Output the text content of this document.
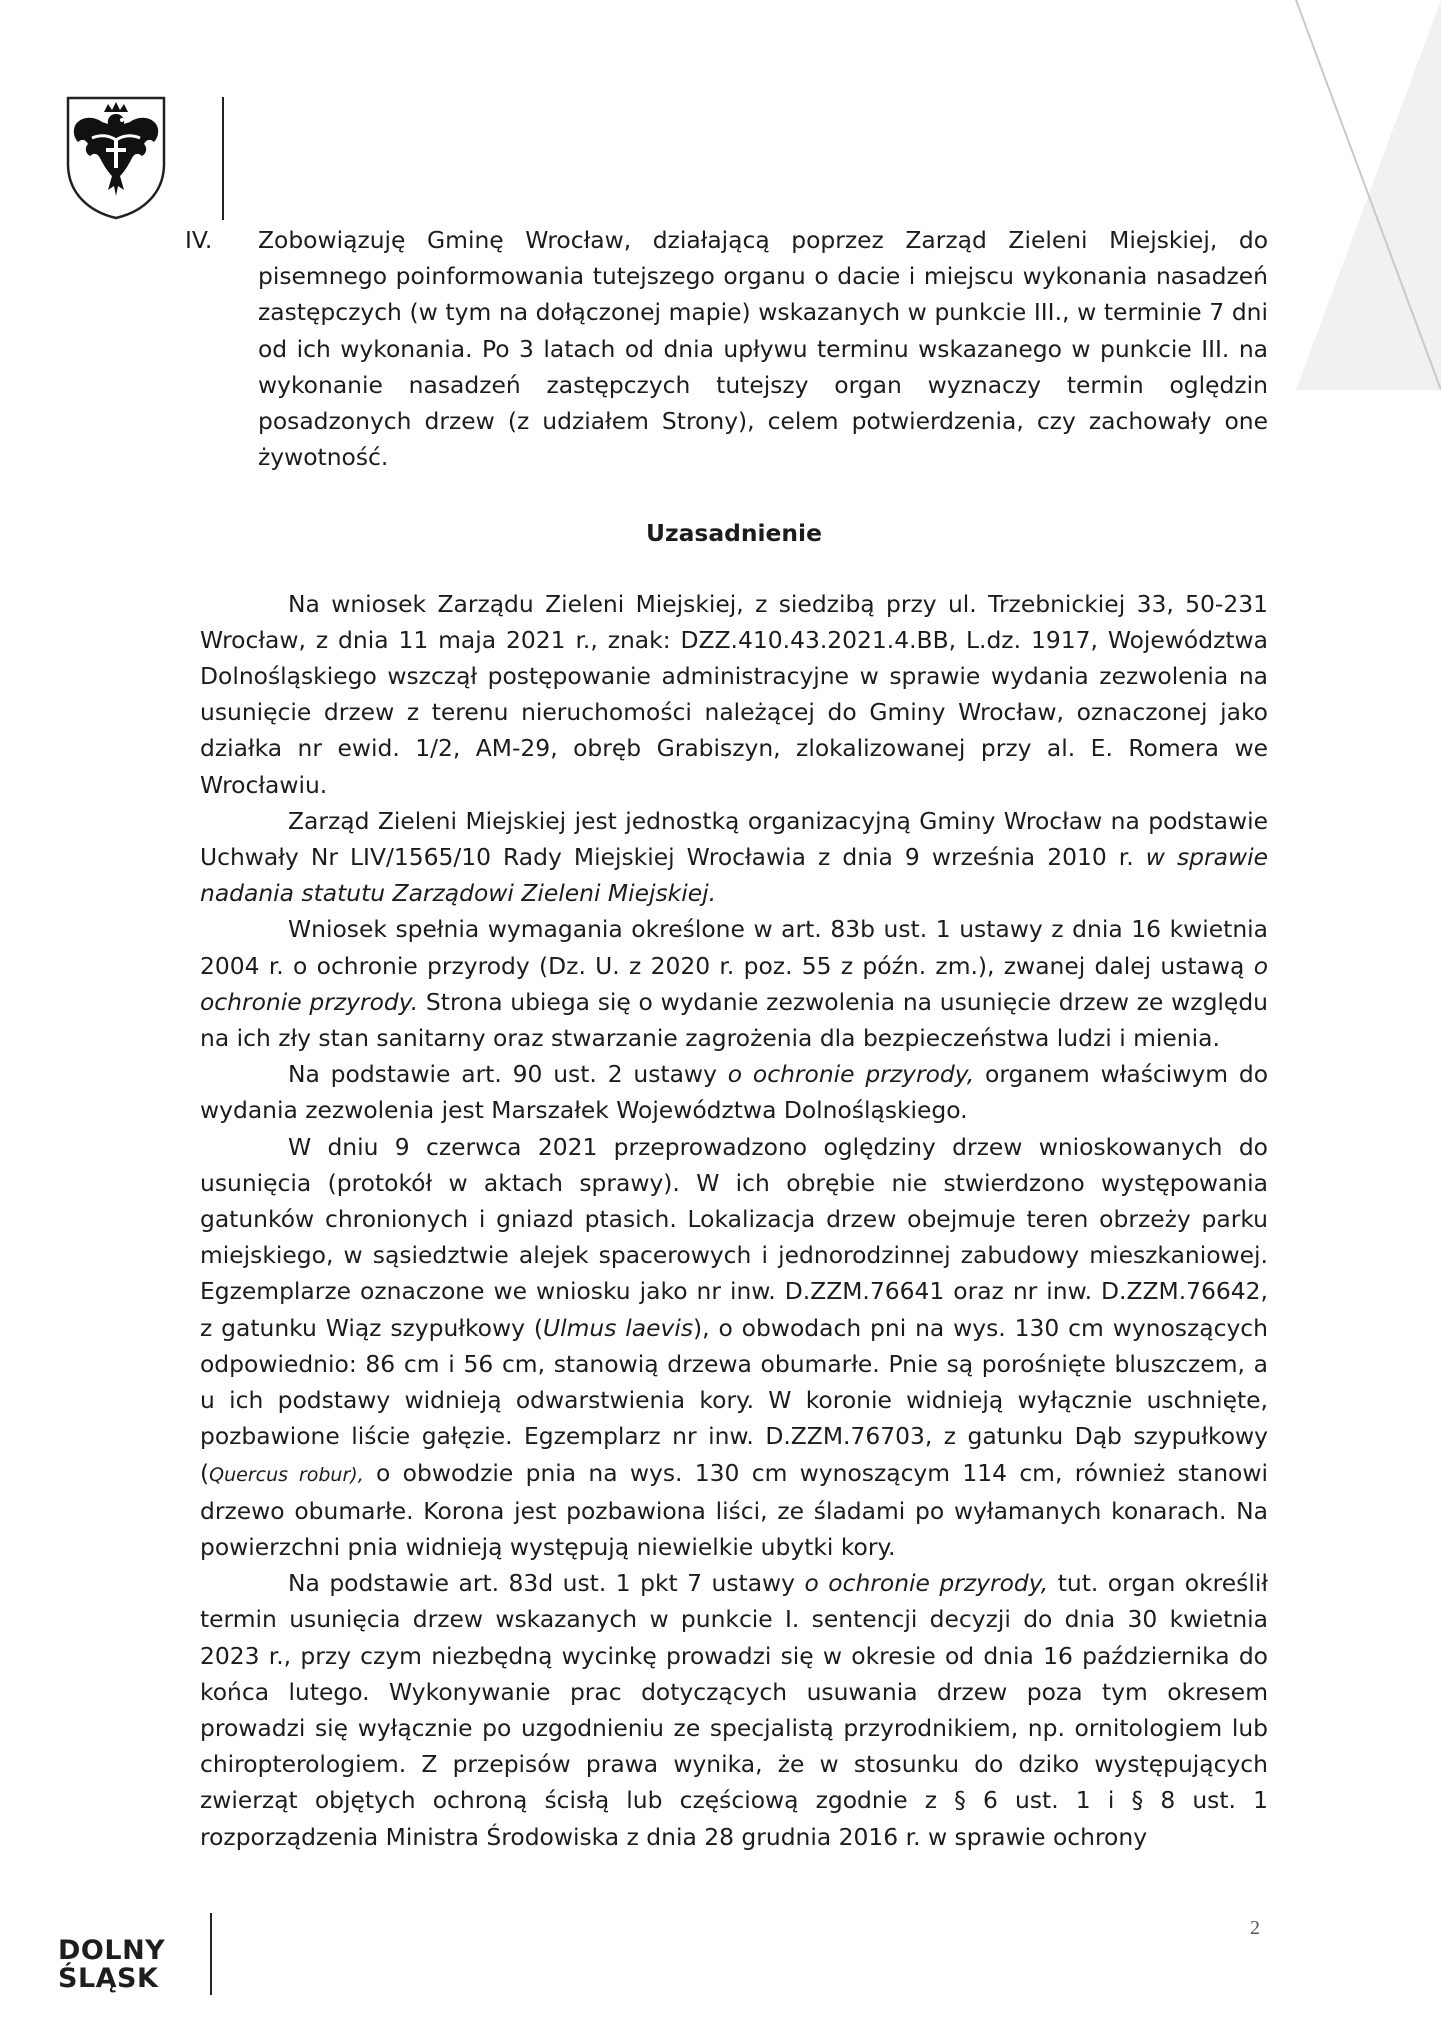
IV. Zobowiązuję Gminę Wrocław, działającą poprzez Zarząd Zieleni Miejskiej, do pisemnego poinformowania tutejszego organu o dacie i miejscu wykonania nasadzeń zastępczych (w tym na dołączonej mapie) wskazanych w punkcie III., w terminie 7 dni od ich wykonania. Po 3 latach od dnia upływu terminu wskazanego w punkcie III. na wykonanie nasadzeń zastępczych tutejszy organ wyznaczy termin oględzin posadzonych drzew (z udziałem Strony), celem potwierdzenia, czy zachowały one żywotność.
Uzasadnienie

Na wniosek Zarządu Zieleni Miejskiej, z siedzibą przy ul. Trzebnickiej 33, 50-231 Wrocław, z dnia 11 maja 2021 r., znak: DZZ.410.43.2021.4.BB, L.dz. 1917, Województwa Dolnośląskiego wszczął postępowanie administracyjne w sprawie wydania zezwolenia na usunięcie drzew z terenu nieruchomości należącej do Gminy Wrocław, oznaczonej jako działka nr ewid. 1/2, AM-29, obręb Grabiszyn, zlokalizowanej przy al. E. Romera we Wrocławiu.

Zarząd Zieleni Miejskiej jest jednostką organizacyjną Gminy Wrocław na podstawie Uchwały Nr LIV/1565/10 Rady Miejskiej Wrocławia z dnia 9 września 2010 r. w sprawie nadania statutu Zarządowi Zieleni Miejskiej.

Wniosek spełnia wymagania określone w art. 83b ust. 1 ustawy z dnia 16 kwietnia 2004 r. o ochronie przyrody (Dz. U. z 2020 r. poz. 55 z późn. zm.), zwanej dalej ustawą o ochronie przyrody. Strona ubiega się o wydanie zezwolenia na usunięcie drzew ze względu na ich zły stan sanitarny oraz stwarzanie zagrożenia dla bezpieczeństwa ludzi i mienia.

Na podstawie art. 90 ust. 2 ustawy o ochronie przyrody, organem właściwym do wydania zezwolenia jest Marszałek Województwa Dolnośląskiego.

W dniu 9 czerwca 2021 przeprowadzono oględziny drzew wnioskowanych do usunięcia (protokół w aktach sprawy). W ich obrębie nie stwierdzono występowania gatunków chronionych i gniazd ptasich. Lokalizacja drzew obejmuje teren obrzeży parku miejskiego, w sąsiedztwie alejek spacerowych i jednorodzinnej zabudowy mieszkaniowej. Egzemplarze oznaczone we wniosku jako nr inw. D.ZZM.76641 oraz nr inw. D.ZZM.76642, z gatunku Wiąz szypułkowy (Ulmus laevis), o obwodach pni na wys. 130 cm wynoszących odpowiednio: 86 cm i 56 cm, stanowią drzewa obumarłe. Pnie są porośnięte bluszczem, a u ich podstawy widnieją odwarstwienia kory. W koronie widnieją wyłącznie uschnięte, pozbawione liście gałęzie. Egzemplarz nr inw. D.ZZM.76703, z gatunku Dąb szypułkowy (Quercus robur), o obwodzie pnia na wys. 130 cm wynoszącym 114 cm, również stanowi drzewo obumarłe. Korona jest pozbawiona liści, ze śladami po wyłamanych konarach. Na powierzchni pnia widnieją występują niewielkie ubytki kory.

Na podstawie art. 83d ust. 1 pkt 7 ustawy o ochronie przyrody, tut. organ określił termin usunięcia drzew wskazanych w punkcie I. sentencji decyzji do dnia 30 kwietnia 2023 r., przy czym niezbędną wycinkę prowadzi się w okresie od dnia 16 października do końca lutego. Wykonywanie prac dotyczących usuwania drzew poza tym okresem prowadzi się wyłącznie po uzgodnieniu ze specjalistą przyrodnikiem, np. ornitologiem lub chiropterologiem. Z przepisów prawa wynika, że w stosunku do dziko występujących zwierząt objętych ochroną ścisłą lub częściową zgodnie z § 6 ust. 1 i § 8 ust. 1 rozporządzenia Ministra Środowiska z dnia 28 grudnia 2016 r. w sprawie ochrony

DOLNY
ŚLĄSK
2
